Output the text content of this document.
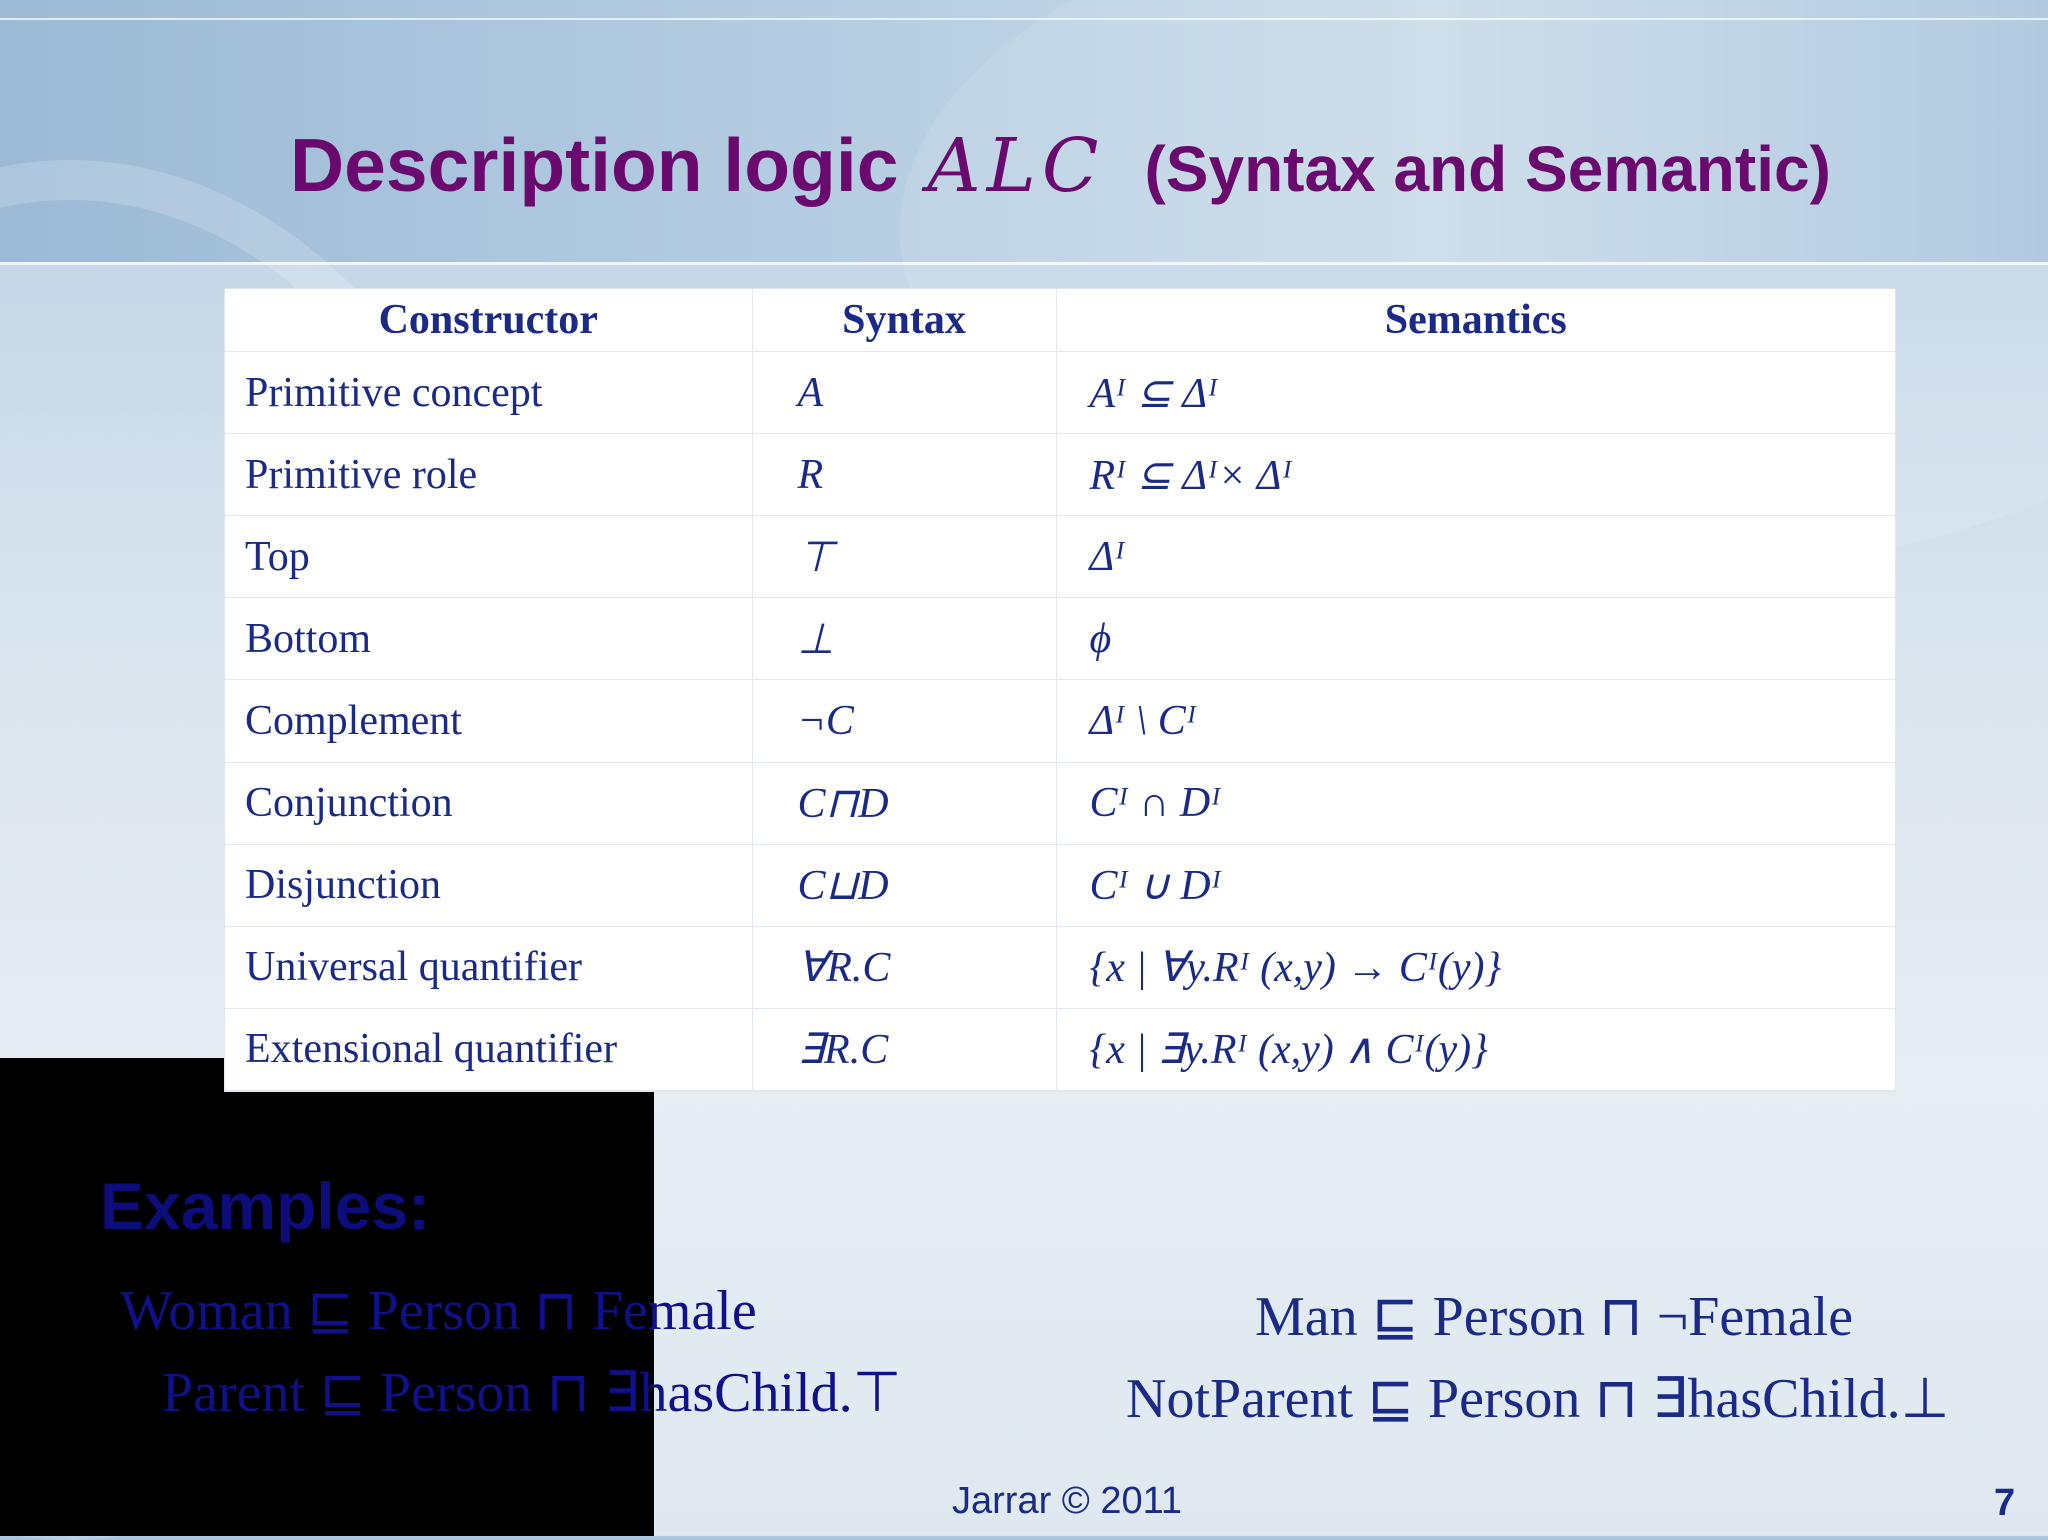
Description logic ALC (Syntax and Semantic)
Constructor	Syntax	Semantics
Primitive concept	A	Aᴵ ⊆ Δᴵ
Primitive role	R	Rᴵ ⊆ Δᴵ× Δᴵ
Top	⊤	Δᴵ
Bottom	⊥	ϕ
Complement	¬C	Δᴵ \ Cᴵ
Conjunction	C⊓D	Cᴵ ∩ Dᴵ
Disjunction	C⊔D	Cᴵ ∪ Dᴵ
Universal quantifier	∀R.C	{x | ∀y.Rᴵ (x,y) → Cᴵ(y)}
Extensional quantifier	∃R.C	{x | ∃y.Rᴵ (x,y) ∧ Cᴵ(y)}
Examples:
Woman ⊑ Person ⊓ Female
Parent ⊑ Person ⊓ ∃hasChild.⊤
Man ⊑ Person ⊓ ¬Female
NotParent ⊑ Person ⊓ ∃hasChild.⊥
Jarrar © 2011	7
